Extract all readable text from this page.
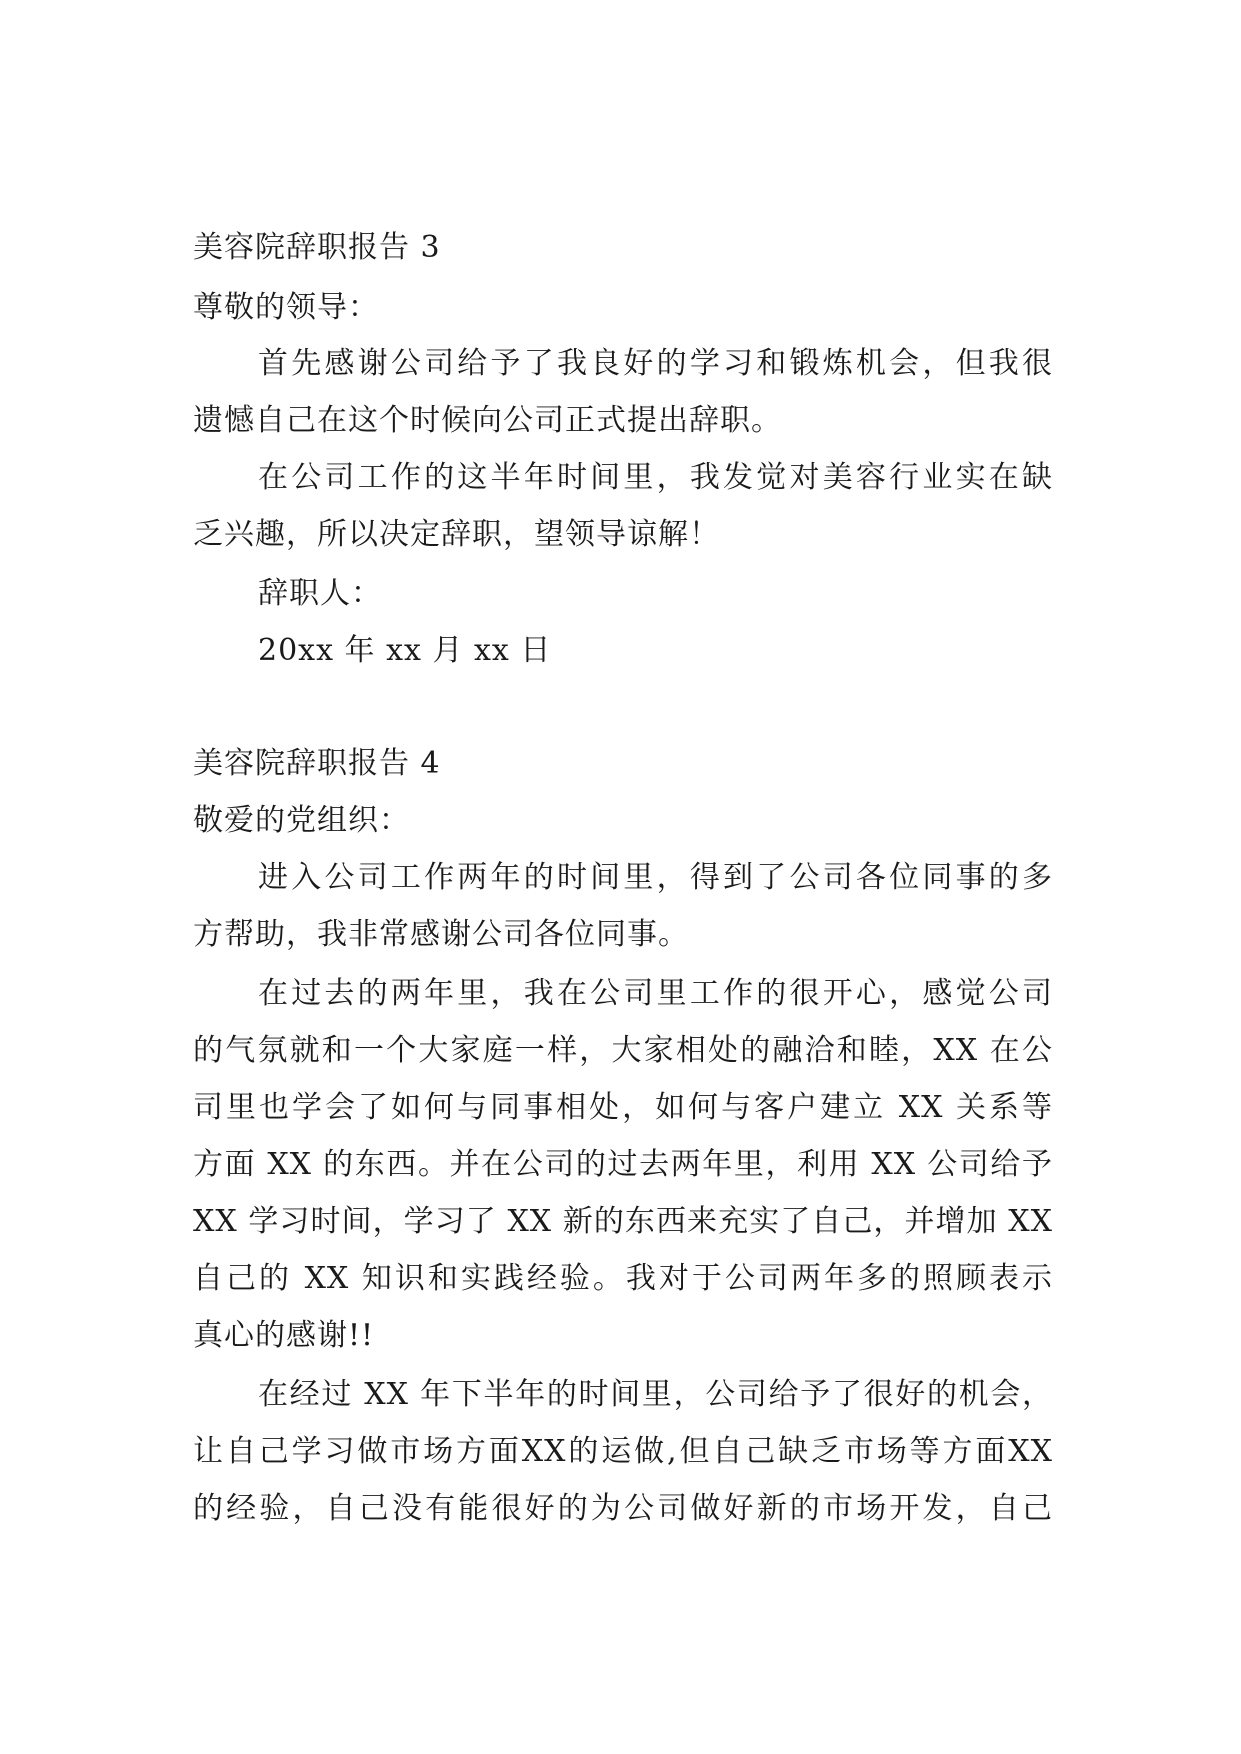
美容院辞职报告 3
尊敬的领导：
首先感谢公司给予了我良好的学习和锻炼机会，但我很
遗憾自己在这个时候向公司正式提出辞职。
在公司工作的这半年时间里，我发觉对美容行业实在缺
乏兴趣，所以决定辞职，望领导谅解！
辞职人：
20xx 年 xx 月 xx 日
美容院辞职报告 4
敬爱的党组织：
进入公司工作两年的时间里，得到了公司各位同事的多
方帮助，我非常感谢公司各位同事。
在过去的两年里，我在公司里工作的很开心，感觉公司
的气氛就和一个大家庭一样，大家相处的融洽和睦，XX 在公
司里也学会了如何与同事相处，如何与客户建立 XX 关系等
方面 XX 的东西。并在公司的过去两年里，利用 XX 公司给予
XX 学习时间，学习了 XX 新的东西来充实了自己，并增加 XX
自己的 XX 知识和实践经验。我对于公司两年多的照顾表示
真心的感谢!!
在经过 XX 年下半年的时间里，公司给予了很好的机会，
让自己学习做市场方面XX的运做,但自己缺乏市场等方面XX
的经验，自己没有能很好的为公司做好新的市场开发，自己
